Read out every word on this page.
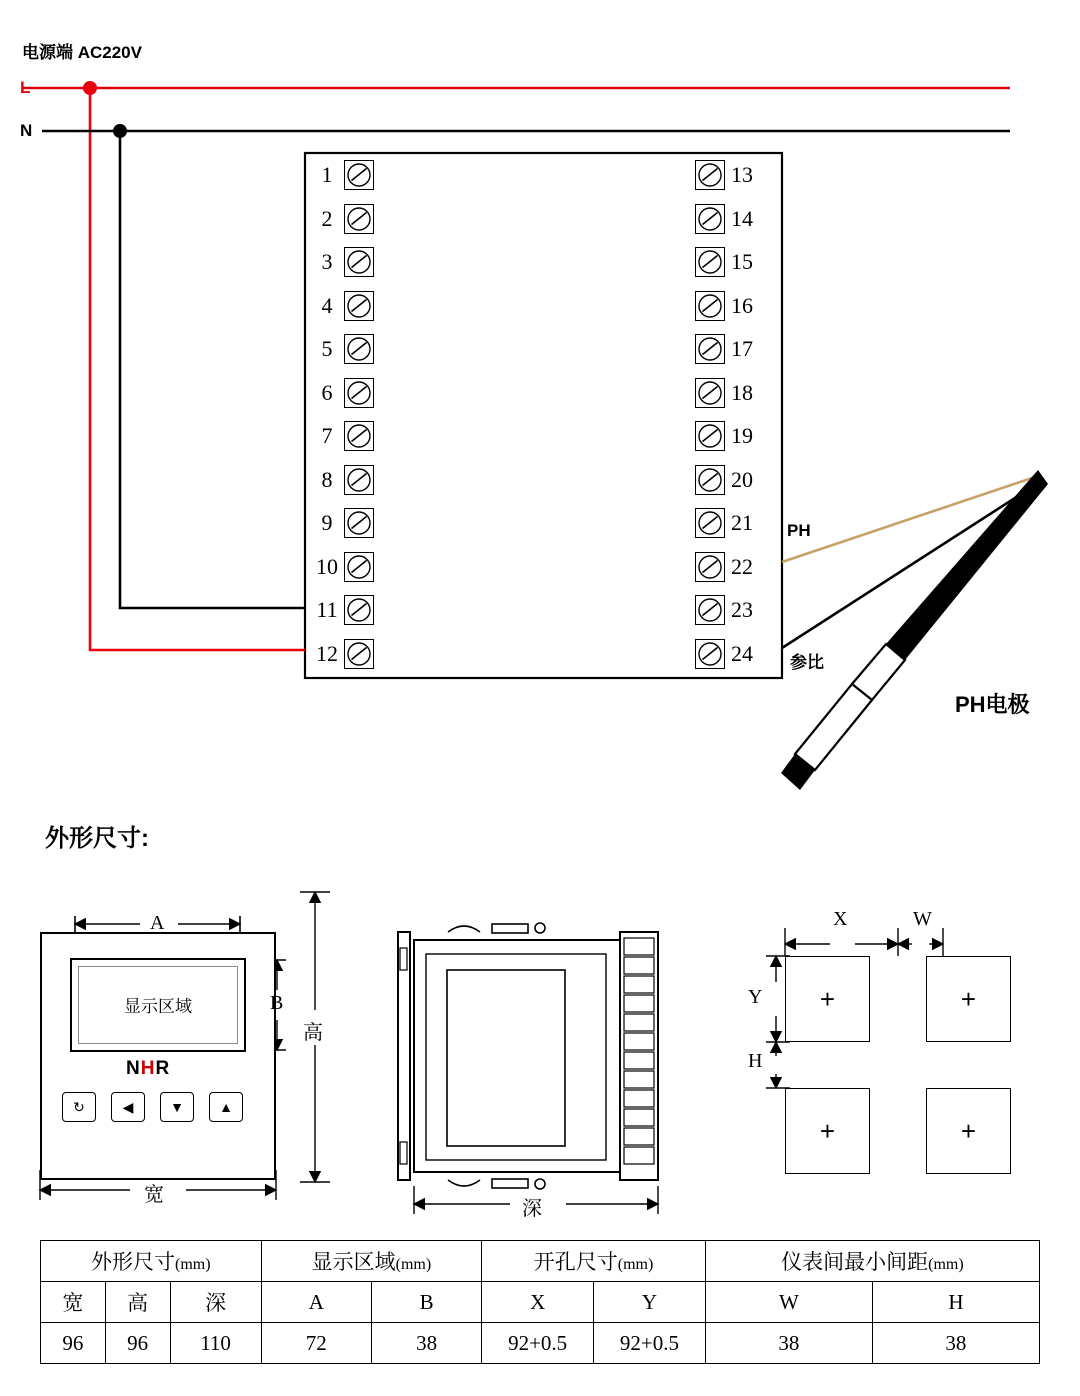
电源端 AC220V
L
N
1
2
3
4
5
6
7
8
9
10
11
12
13
14
15
16
17
18
19
20
21
22
23
24
PH
参比
PH电极
外形尺寸:
显示区域
NHR
↻	◀	▼	▲
A
B
高
宽
深
+	+
+	+
X	W
Y
H
外形尺寸(mm)			显示区域(mm)		开孔尺寸(mm)		仪表间最小间距(mm)	
宽	高	深	A	B	X	Y	W	H
96	96	110	72	38	92+0.5	92+0.5	38	38
